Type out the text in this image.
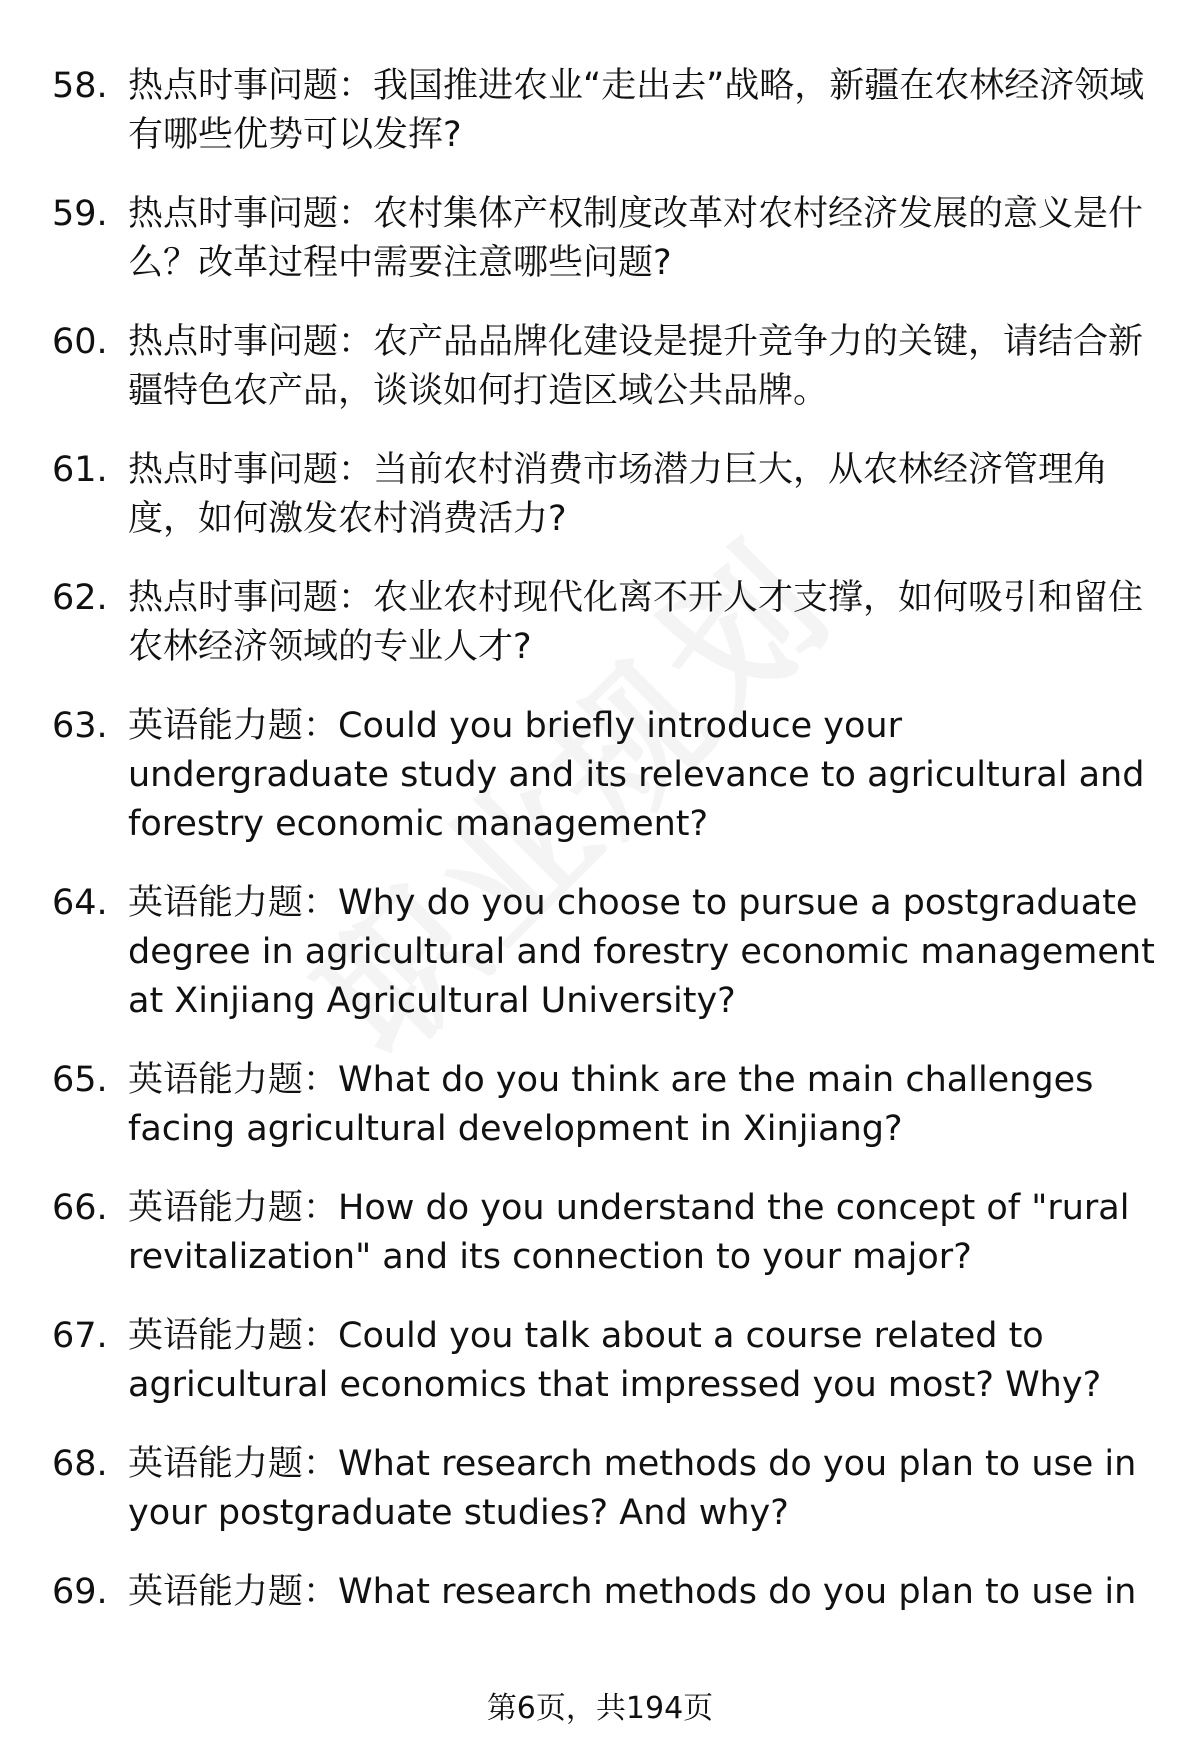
58. 热点时事问题：我国推进农业“走出去”战略，新疆在农林经济领域有哪些优势可以发挥?
59. 热点时事问题：农村集体产权制度改革对农村经济发展的意义是什么？改革过程中需要注意哪些问题?
60. 热点时事问题：农产品品牌化建设是提升竞争力的关键，请结合新疆特色农产品，谈谈如何打造区域公共品牌。
61. 热点时事问题：当前农村消费市场潜力巨大，从农林经济管理角度，如何激发农村消费活力?
62. 热点时事问题：农业农村现代化离不开人才支撑，如何吸引和留住农林经济领域的专业人才?
63. 英语能力题：Could you briefly introduce your undergraduate study and its relevance to agricultural and forestry economic management?
64. 英语能力题：Why do you choose to pursue a postgraduate degree in agricultural and forestry economic management at Xinjiang Agricultural University?
65. 英语能力题：What do you think are the main challenges facing agricultural development in Xinjiang?
66. 英语能力题：How do you understand the concept of "rural revitalization" and its connection to your major?
67. 英语能力题：Could you talk about a course related to agricultural economics that impressed you most? Why?
68. 英语能力题：What research methods do you plan to use in your postgraduate studies? And why?
69. 英语能力题：What research methods do you plan to use in
第6页，共194页
